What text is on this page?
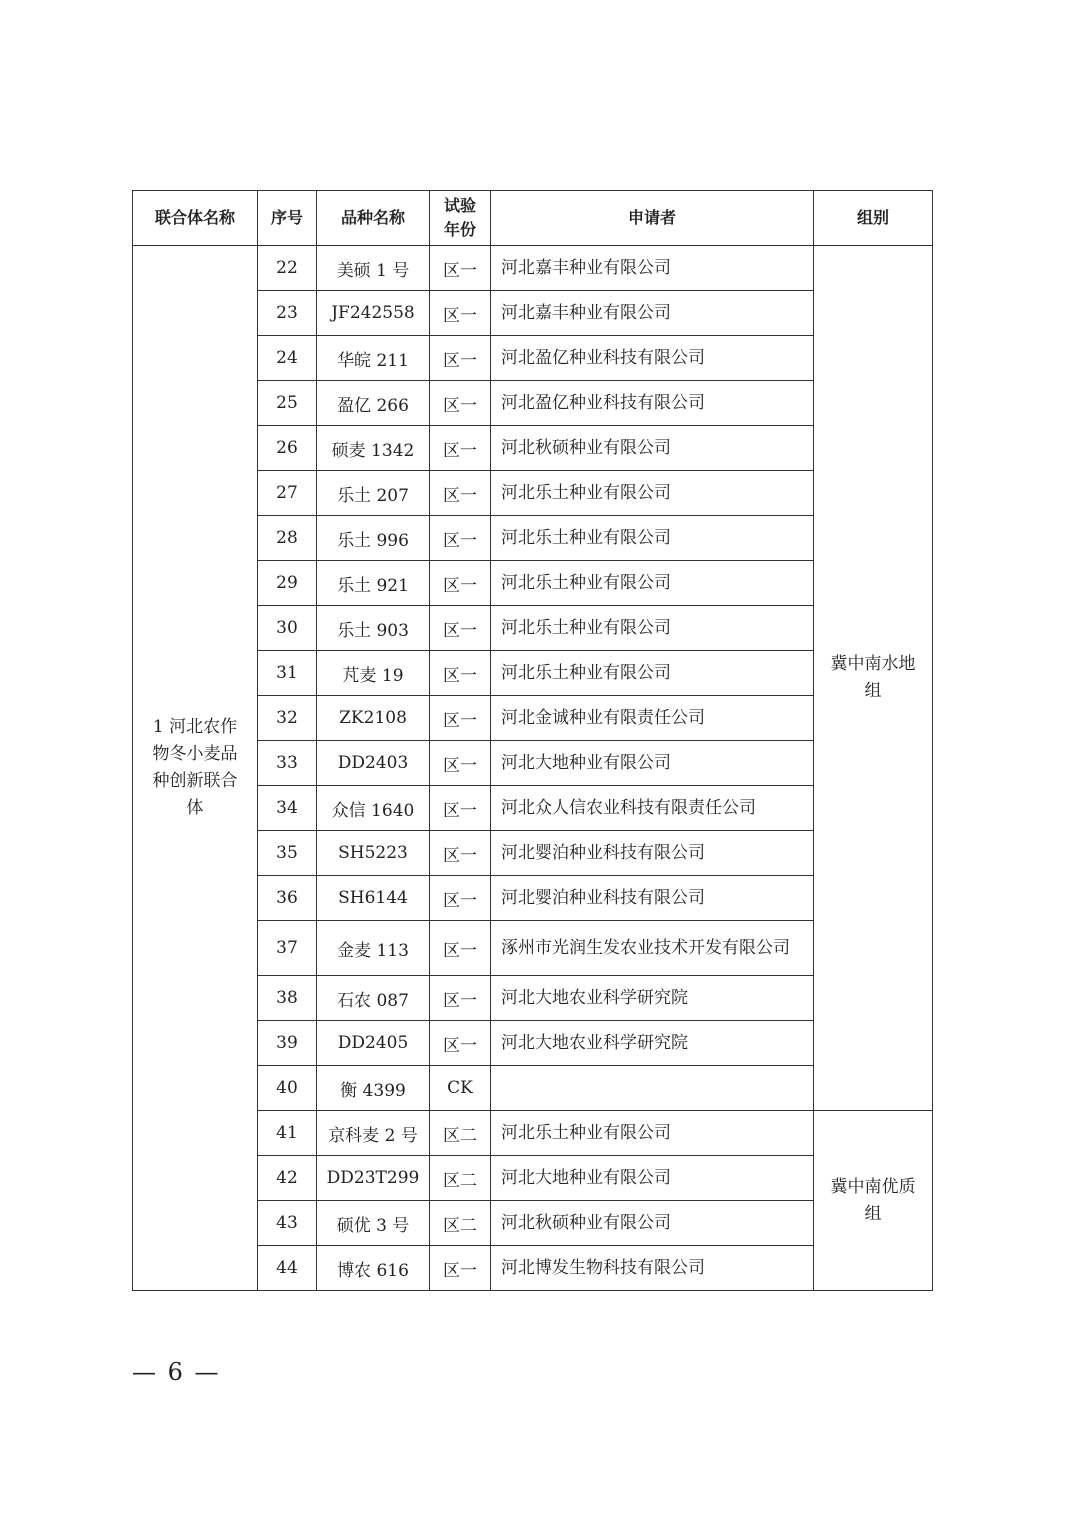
联合体名称	序号	品种名称	试验年份	申请者	组别

1 河北农作物冬小麦品种创新联合体	22	美硕 1 号	区一	河北嘉丰种业有限公司	冀中南水地组

	23	JF242558	区一	河北嘉丰种业有限公司	
	24	华皖 211	区一	河北盈亿种业科技有限公司	
	25	盈亿 266	区一	河北盈亿种业科技有限公司	
	26	硕麦 1342	区一	河北秋硕种业有限公司	
	27	乐土 207	区一	河北乐土种业有限公司	
	28	乐土 996	区一	河北乐土种业有限公司	
	29	乐土 921	区一	河北乐土种业有限公司	
	30	乐土 903	区一	河北乐土种业有限公司	
	31	芃麦 19	区一	河北乐土种业有限公司	
	32	ZK2108	区一	河北金诚种业有限责任公司	
	33	DD2403	区一	河北大地种业有限公司	
	34	众信 1640	区一	河北众人信农业科技有限责任公司	
	35	SH5223	区一	河北婴泊种业科技有限公司	
	36	SH6144	区一	河北婴泊种业科技有限公司	
	37	金麦 113	区一	涿州市光润生发农业技术开发有限公司	
	38	石农 087	区一	河北大地农业科学研究院	
	39	DD2405	区一	河北大地农业科学研究院	
	40	衡 4399	CK		
	41	京科麦 2 号	区二	河北乐土种业有限公司	冀中南优质组

	42	DD23T299	区二	河北大地种业有限公司	
	43	硕优 3 号	区二	河北秋硕种业有限公司	
	44	博农 616	区一	河北博发生物科技有限公司	
— 6 —
